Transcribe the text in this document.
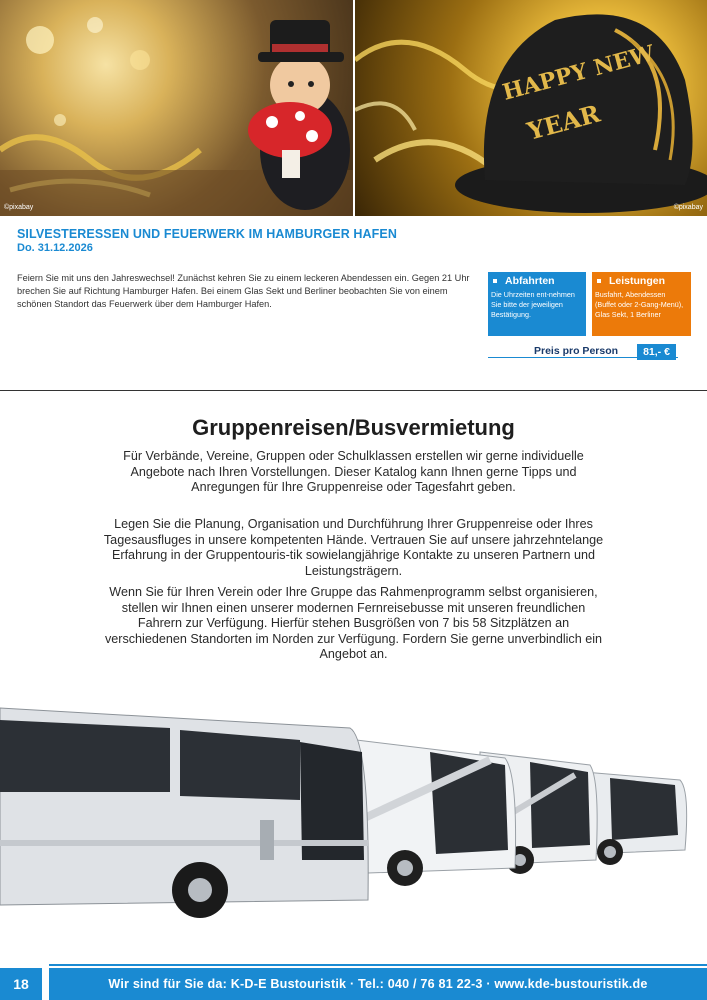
©pixabay
HAPPY NEW
YEAR
©pixabay
SILVESTERESSEN UND FEUERWERK IM HAMBURGER HAFEN
Do. 31.12.2026
Feiern Sie mit uns den Jahreswechsel! Zunächst kehren Sie zu einem leckeren Abendessen ein. Gegen 21 Uhr brechen Sie auf Richtung Hamburger Hafen. Bei einem Glas Sekt und Berliner beobachten Sie von einem schönen Standort das Feuerwerk über dem Hamburger Hafen.
Abfahrten
Die Uhrzeiten ent-nehmen Sie bitte der jeweiligen Bestätigung.
Leistungen
Busfahrt, Abendessen (Buffet oder 2-Gang-Menü), Glas Sekt, 1 Berliner
Preis pro Person	81,- €
Gruppenreisen/Busvermietung
Für Verbände, Vereine, Gruppen oder Schulklassen erstellen wir gerne individuelle Angebote nach Ihren Vorstellungen. Dieser Katalog kann Ihnen gerne Tipps und Anregungen für Ihre Gruppenreise oder Tagesfahrt geben.
Legen Sie die Planung, Organisation und Durchführung Ihrer Gruppenreise oder Ihres Tagesausfluges in unsere kompetenten Hände. Vertrauen Sie auf unsere jahrzehntelange Erfahrung in der Gruppentouris-tik sowielangjährige Kontakte zu unseren Partnern und Leistungsträgern.
Wenn Sie für Ihren Verein oder Ihre Gruppe das Rahmenprogramm selbst organisieren, stellen wir Ihnen einen unserer modernen Fernreisebusse mit unseren freundlichen Fahrern zur Verfügung. Hierfür stehen Busgrößen von 7 bis 58 Sitzplätzen an verschiedenen Standorten im Norden zur Verfügung. Fordern Sie gerne unverbindlich ein Angebot an.
18	Wir sind für Sie da: K-D-E Bustouristik · Tel.: 040 / 76 81 22-3 · www.kde-bustouristik.de
